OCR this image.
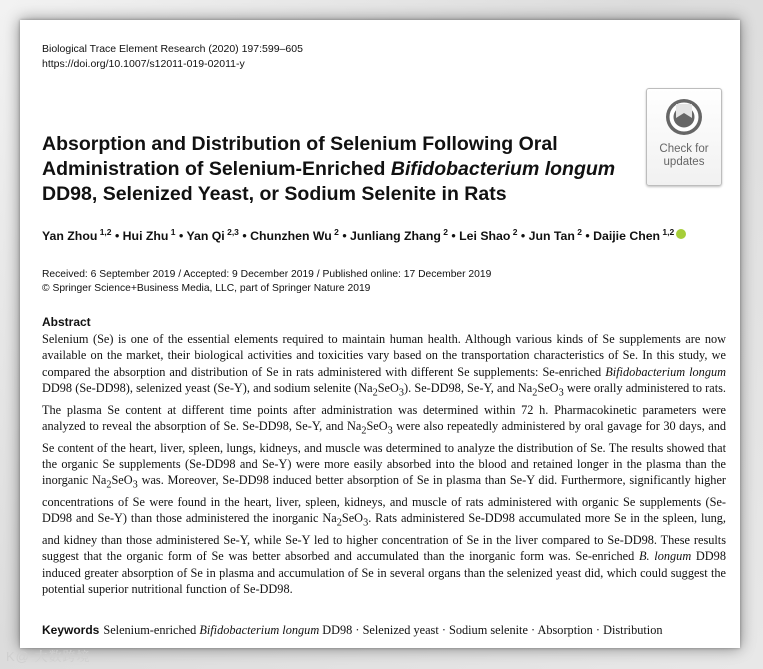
Biological Trace Element Research (2020) 197:599–605
https://doi.org/10.1007/s12011-019-02011-y
Check for
updates
Absorption and Distribution of Selenium Following Oral
Administration of Selenium-Enriched Bifidobacterium longum
DD98, Selenized Yeast, or Sodium Selenite in Rats
Yan Zhou $^{1,2}$ • Hui Zhu $^1$ • Yan Qi $^{2,3}$ • Chunzhen Wu $^2$ • Junliang Zhang $^2$ • Lei Shao $^2$ • Jun Tan $^2$ • Daijie Chen $^{1,2}$
Received: 6 September 2019 / Accepted: 9 December 2019 / Published online: 17 December 2019
© Springer Science+Business Media, LLC, part of Springer Nature 2019
Abstract

Selenium (Se) is one of the essential elements required to maintain human health. Although various kinds of Se supplements are now available on the market, their biological activities and toxicities vary based on the transportation characteristics of Se. In this study, we compared the absorption and distribution of Se in rats administered with different Se supplements: Se-enriched Bifidobacterium longum DD98 (Se-DD98), selenized yeast (Se-Y), and sodium selenite $(Na_2SeO_3)$. Se-DD98, Se-Y, and $Na_2SeO_3$ were orally administered to rats. The plasma Se content at different time points after administration was determined within 72 h. Pharmacokinetic parameters were analyzed to reveal the absorption of Se. Se-DD98, Se-Y, and $Na_2SeO_3$ were also repeatedly administered by oral gavage for 30 days, and Se content of the heart, liver, spleen, lungs, kidneys, and muscle was determined to analyze the distribution of Se. The results showed that the organic Se supplements (Se-DD98 and Se-Y) were more easily absorbed into the blood and retained longer in the plasma than the inorganic $Na_2SeO_3$ was. Moreover, Se-DD98 induced better absorption of Se in plasma than Se-Y did. Furthermore, significantly higher concentrations of Se were found in the heart, liver, spleen, kidneys, and muscle of rats administered with organic Se supplements (Se-DD98 and Se-Y) than those administered the inorganic $Na_2SeO_3$. Rats administered Se-DD98 accumulated more Se in the spleen, lung, and kidney than those administered Se-Y, while Se-Y led to higher concentration of Se in the liver compared to Se-DD98. These results suggest that the organic form of Se was better absorbed and accumulated than the inorganic form was. Se-enriched B. longum DD98 induced greater absorption of Se in plasma and accumulation of Se in several organs than the selenized yeast did, which could suggest the potential superior nutritional function of Se-DD98.

Keywords Selenium-enriched Bifidobacterium longum DD98 · Selenized yeast · Sodium selenite · Absorption · Distribution
K@ 大数跨境
